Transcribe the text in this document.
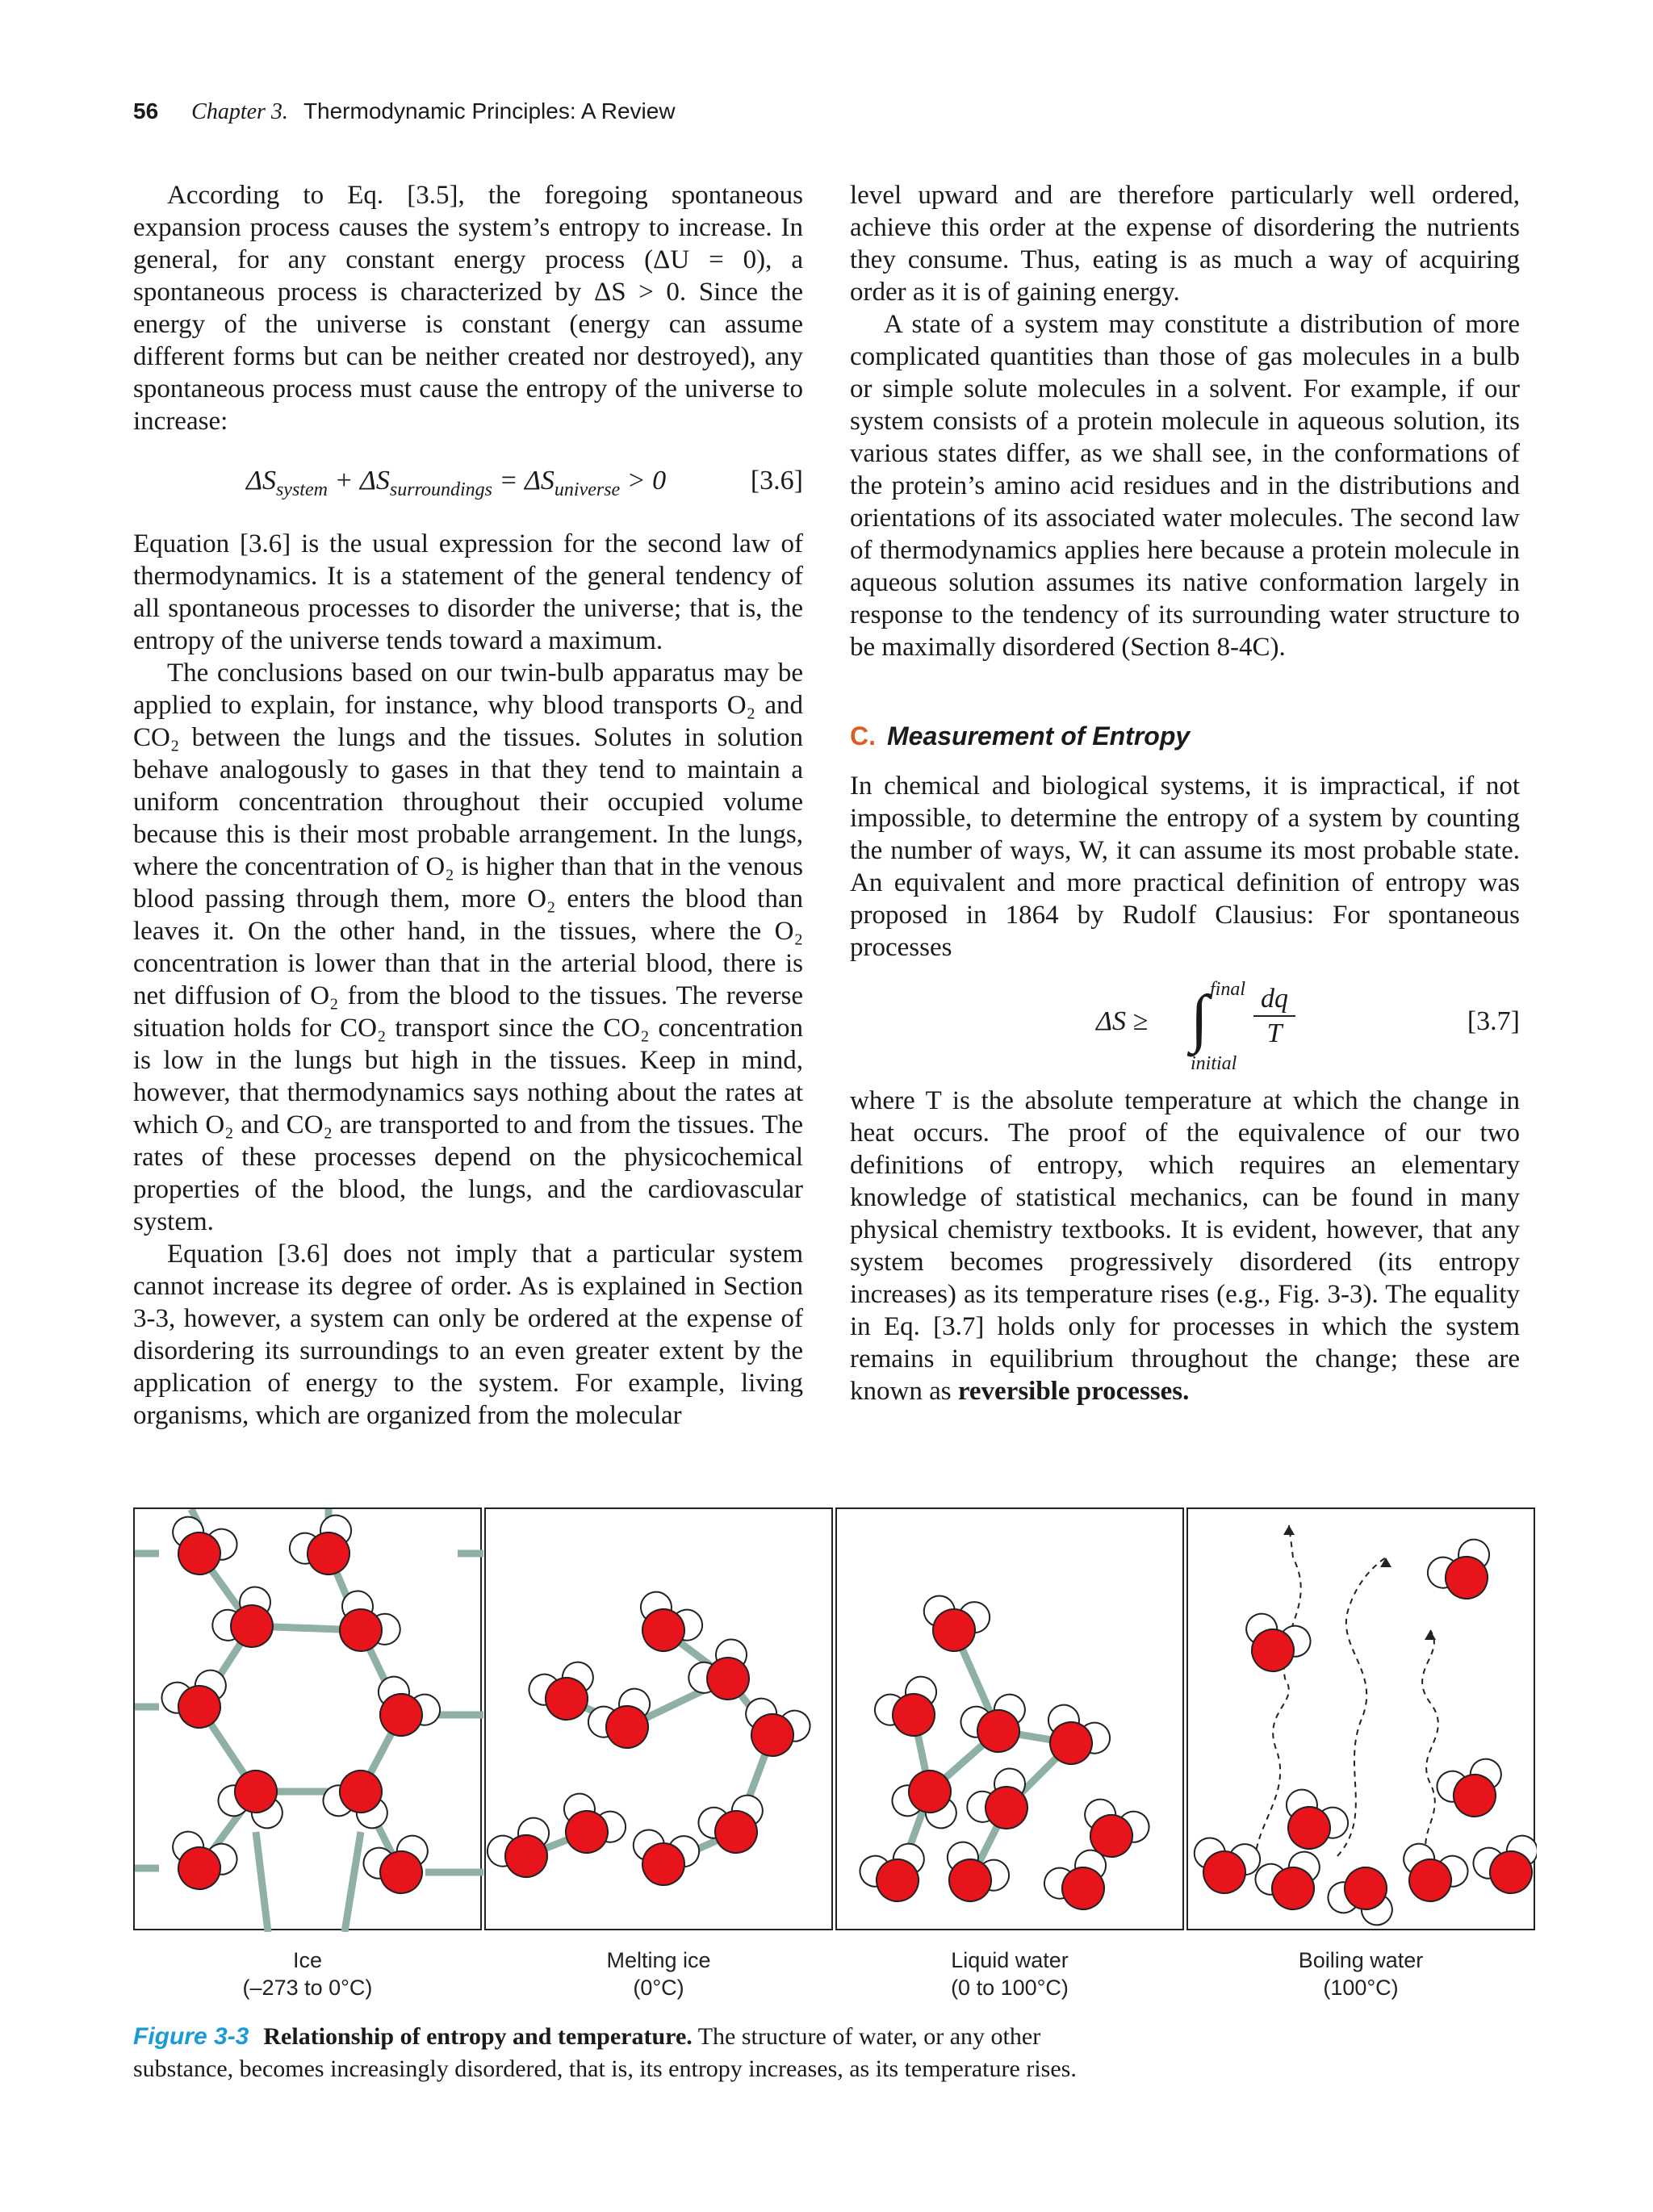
56 Chapter 3. Thermodynamic Principles: A Review

According to Eq. [3.5], the foregoing spontaneous expansion process causes the system’s entropy to increase. In general, for any constant energy process (ΔU = 0), a spontaneous process is characterized by ΔS > 0. Since the energy of the universe is constant (energy can assume different forms but can be neither created nor destroyed), any spontaneous process must cause the entropy of the universe to increase:

$\Delta S_{system} + \Delta S_{surroundings} = \Delta S_{universe} > 0$	[3.6]

Equation [3.6] is the usual expression for the second law of thermodynamics. It is a statement of the general tendency of all spontaneous processes to disorder the universe; that is, the entropy of the universe tends toward a maximum.

The conclusions based on our twin-bulb apparatus may be applied to explain, for instance, why blood transports O₂ and CO₂ between the lungs and the tissues. Solutes in solution behave analogously to gases in that they tend to maintain a uniform concentration throughout their occupied volume because this is their most probable arrangement. In the lungs, where the concentration of O₂ is higher than that in the venous blood passing through them, more O₂ enters the blood than leaves it. On the other hand, in the tissues, where the O₂ concentration is lower than that in the arterial blood, there is net diffusion of O₂ from the blood to the tissues. The reverse situation holds for CO₂ transport since the CO₂ concentration is low in the lungs but high in the tissues. Keep in mind, however, that thermodynamics says nothing about the rates at which O₂ and CO₂ are transported to and from the tissues. The rates of these processes depend on the physicochemical properties of the blood, the lungs, and the cardiovascular system.

Equation [3.6] does not imply that a particular system cannot increase its degree of order. As is explained in Section 3-3, however, a system can only be ordered at the expense of disordering its surroundings to an even greater extent by the application of energy to the system. For example, living organisms, which are organized from the molecular

level upward and are therefore particularly well ordered, achieve this order at the expense of disordering the nutrients they consume. Thus, eating is as much a way of acquiring order as it is of gaining energy.

A state of a system may constitute a distribution of more complicated quantities than those of gas molecules in a bulb or simple solute molecules in a solvent. For example, if our system consists of a protein molecule in aqueous solution, its various states differ, as we shall see, in the conformations of the protein’s amino acid residues and in the distributions and orientations of its associated water molecules. The second law of thermodynamics applies here because a protein molecule in aqueous solution assumes its native conformation largely in response to the tendency of its surrounding water structure to be maximally disordered (Section 8-4C).

C. Measurement of Entropy

In chemical and biological systems, it is impractical, if not impossible, to determine the entropy of a system by counting the number of ways, W, it can assume its most probable state. An equivalent and more practical definition of entropy was proposed in 1864 by Rudolf Clausius: For spontaneous processes

ΔS ≥ ∫ final
initial
$\frac{dq}{T}$	[3.7]

where T is the absolute temperature at which the change in heat occurs. The proof of the equivalence of our two definitions of entropy, which requires an elementary knowledge of statistical mechanics, can be found in many physical chemistry textbooks. It is evident, however, that any system becomes progressively disordered (its entropy increases) as its temperature rises (e.g., Fig. 3-3). The equality in Eq. [3.7] holds only for processes in which the system remains in equilibrium throughout the change; these are known as reversible processes.

Ice
(–273 to 0°C)
Melting ice
(0°C)
Liquid water
(0 to 100°C)
Boiling water
(100°C)
Figure 3-3 Relationship of entropy and temperature. The structure of water, or any other substance, becomes increasingly disordered, that is, its entropy increases, as its temperature rises.
